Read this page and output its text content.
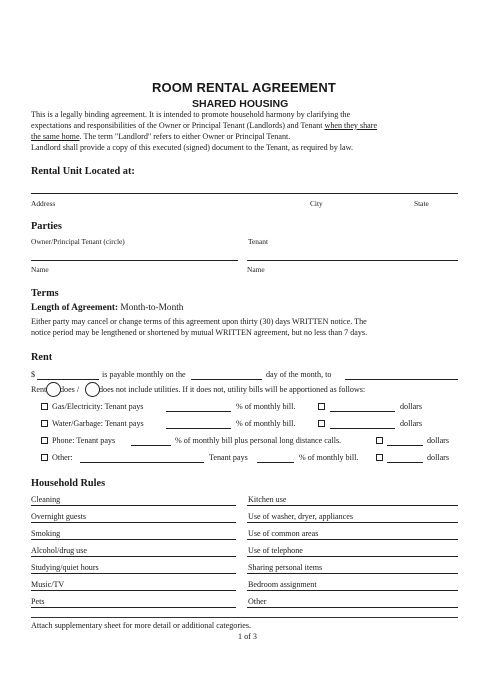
ROOM RENTAL AGREEMENT
SHARED HOUSING
This is a legally binding agreement. It is intended to promote household harmony by clarifying the
expectations and responsibilities of the Owner or Principal Tenant (Landlords) and Tenant when they share
the same home. The term "Landlord" refers to either Owner or Principal Tenant.
Landlord shall provide a copy of this executed (signed) document to the Tenant, as required by law.
Rental Unit Located at:
Address	City	State
Parties
Owner/Principal Tenant (circle)	Tenant
Name	Name
Terms
Length of Agreement: Month-to-Month
Either party may cancel or change terms of this agreement upon thirty (30) days WRITTEN notice. The
notice period may be lengthened or shortened by mutual WRITTEN agreement, but no less than 7 days.
Rent
$	is payable monthly on the	day of the month, to
Rent does / does not include utilities. If it does not, utility bills will be apportioned as follows:
Gas/Electricity: Tenant pays	% of monthly bill.	dollars
Water/Garbage: Tenant pays	% of monthly bill.	dollars
Phone: Tenant pays	% of monthly bill plus personal long distance calls.	dollars
Other:	Tenant pays	% of monthly bill.	dollars
Household Rules
Cleaning	Kitchen use
Overnight guests	Use of washer, dryer, appliances
Smoking	Use of common areas
Alcohol/drug use	Use of telephone
Studying/quiet hours	Sharing personal items
Music/TV	Bedroom assignment
Pets	Other
Attach supplementary sheet for more detail or additional categories.
1 of 3
